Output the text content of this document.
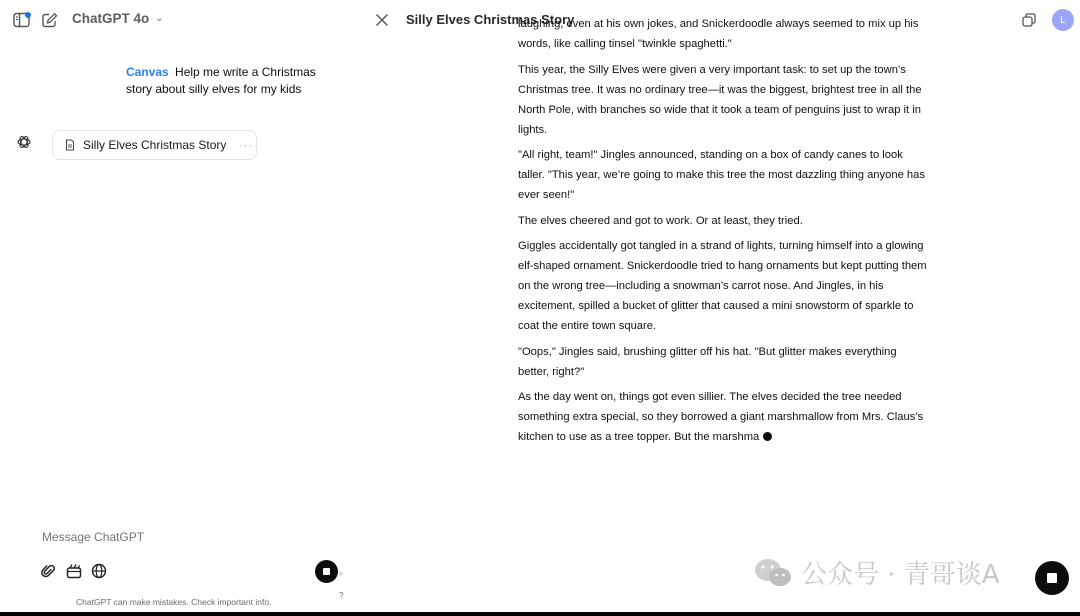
ChatGPT 4o ⌄
Canvas Help me write a Christmas story about silly elves for my kids
Silly Elves Christmas Story ···
Message ChatGPT
>
ChatGPT can make mistakes. Check important info.
?
Silly Elves Christmas Story	L

laughing, even at his own jokes, and Snickerdoodle always seemed to mix up his words, like calling tinsel "twinkle spaghetti."

This year, the Silly Elves were given a very important task: to set up the town’s Christmas tree. It was no ordinary tree—it was the biggest, brightest tree in all the North Pole, with branches so wide that it took a team of penguins just to wrap it in lights.

"All right, team!" Jingles announced, standing on a box of candy canes to look taller. "This year, we’re going to make this tree the most dazzling thing anyone has ever seen!"

The elves cheered and got to work. Or at least, they tried.

Giggles accidentally got tangled in a strand of lights, turning himself into a glowing elf-shaped ornament. Snickerdoodle tried to hang ornaments but kept putting them on the wrong tree—including a snowman’s carrot nose. And Jingles, in his excitement, spilled a bucket of glitter that caused a mini snowstorm of sparkle to coat the entire town square.

"Oops," Jingles said, brushing glitter off his hat. "But glitter makes everything better, right?"

As the day went on, things got even sillier. The elves decided the tree needed something extra special, so they borrowed a giant marshmallow from Mrs. Claus’s kitchen to use as a tree topper. But the marshma

公众号 · 青哥谈A
